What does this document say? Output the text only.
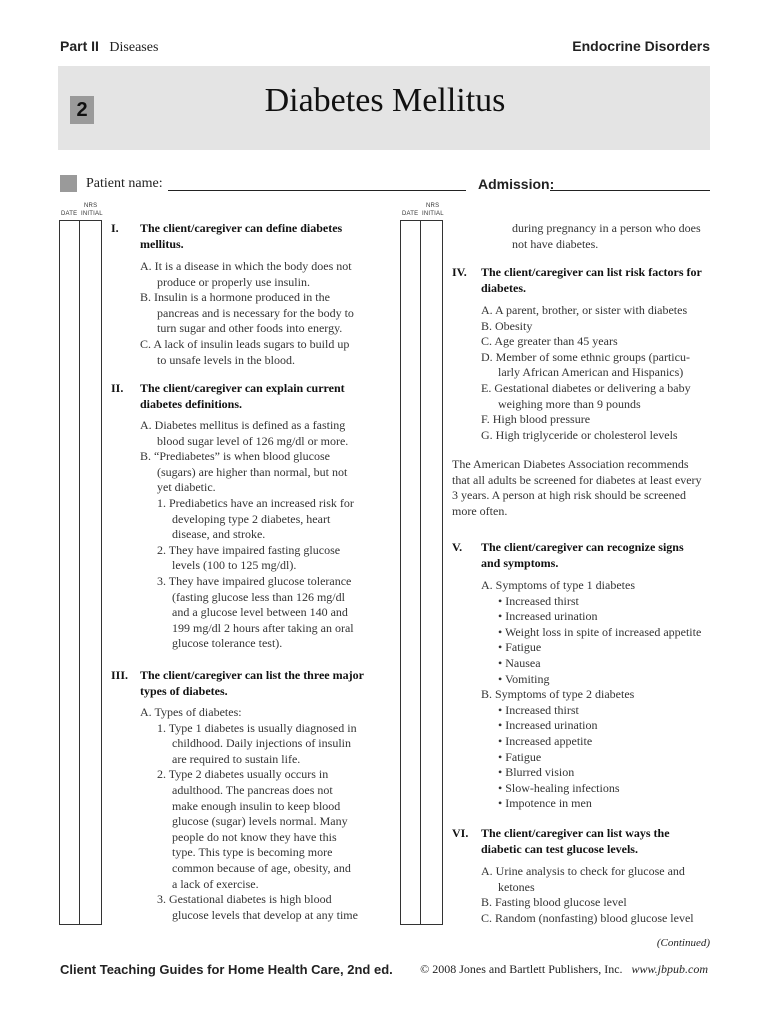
Part II Diseases	Endocrine Disorders
2	Diabetes Mellitus
Patient name:	Admission:
NRS
DATE INITIAL
NRS
DATE INITIAL
I. The client/caregiver can define diabetes
mellitus.
A. It is a disease in which the body does not
produce or properly use insulin.
B. Insulin is a hormone produced in the
pancreas and is necessary for the body to
turn sugar and other foods into energy.
C. A lack of insulin leads sugars to build up
to unsafe levels in the blood.
II. The client/caregiver can explain current
diabetes definitions.
A. Diabetes mellitus is defined as a fasting
blood sugar level of 126 mg/dl or more.
B. “Prediabetes” is when blood glucose
(sugars) are higher than normal, but not
yet diabetic.
1. Prediabetics have an increased risk for
developing type 2 diabetes, heart
disease, and stroke.
2. They have impaired fasting glucose
levels (100 to 125 mg/dl).
3. They have impaired glucose tolerance
(fasting glucose less than 126 mg/dl
and a glucose level between 140 and
199 mg/dl 2 hours after taking an oral
glucose tolerance test).
III. The client/caregiver can list the three major
types of diabetes.
A. Types of diabetes:
1. Type 1 diabetes is usually diagnosed in
childhood. Daily injections of insulin
are required to sustain life.
2. Type 2 diabetes usually occurs in
adulthood. The pancreas does not
make enough insulin to keep blood
glucose (sugar) levels normal. Many
people do not know they have this
type. This type is becoming more
common because of age, obesity, and
a lack of exercise.
3. Gestational diabetes is high blood
glucose levels that develop at any time
during pregnancy in a person who does
not have diabetes.
IV. The client/caregiver can list risk factors for
diabetes.
A. A parent, brother, or sister with diabetes
B. Obesity
C. Age greater than 45 years
D. Member of some ethnic groups (particu-
larly African American and Hispanics)
E. Gestational diabetes or delivering a baby
weighing more than 9 pounds
F. High blood pressure
G. High triglyceride or cholesterol levels
The American Diabetes Association recommends
that all adults be screened for diabetes at least every
3 years. A person at high risk should be screened
more often.
V. The client/caregiver can recognize signs
and symptoms.
A. Symptoms of type 1 diabetes
• Increased thirst
• Increased urination
• Weight loss in spite of increased appetite
• Fatigue
• Nausea
• Vomiting
B. Symptoms of type 2 diabetes
• Increased thirst
• Increased urination
• Increased appetite
• Fatigue
• Blurred vision
• Slow-healing infections
• Impotence in men
VI. The client/caregiver can list ways the
diabetic can test glucose levels.
A. Urine analysis to check for glucose and
ketones
B. Fasting blood glucose level
C. Random (nonfasting) blood glucose level
(Continued)
Client Teaching Guides for Home Health Care, 2nd ed. © 2008 Jones and Bartlett Publishers, Inc. www.jbpub.com
